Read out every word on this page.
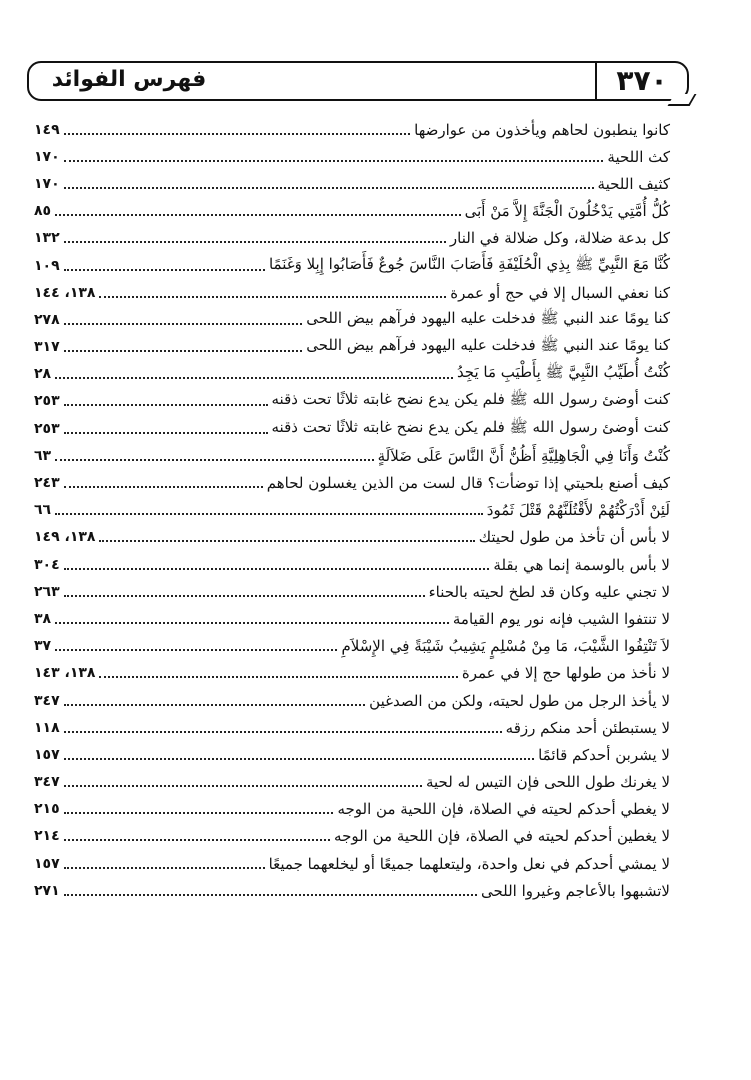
فهرس الفوائد	٣٧٠
كانوا ينطبون لحاهم ويأخذون من عوارضها
١٤٩
كث اللحية
١٧٠
كثيف اللحية
١٧٠
كُلُّ أُمَّتِي يَدْخُلُونَ الْجَنَّةَ إِلاَّ مَنْ أَبَى
٨٥
كل بدعة ضلالة، وكل ضلالة في النار
١٣٢
كُنَّا مَعَ النَّبِيِّ ﷺ بِذِي الْحُلَيْفَةِ فَأَصَابَ النَّاسَ جُوعٌ فَأَصَابُوا إِبِلا وَغَنَمًا
١٠٩
كنا نعفي السبال إلا في حج أو عمرة
١٣٨، ١٤٤
كنا يومًا عند النبي ﷺ فدخلت عليه اليهود فرآهم بيض اللحى
٢٧٨
كنا يومًا عند النبي ﷺ فدخلت عليه اليهود فرآهم بيض اللحى
٣١٧
كُنْتُ أُطَيِّبُ النَّبِيَّ ﷺ بِأَطْيَبِ مَا يَجِدُ
٢٨
كنت أوضئ رسول الله ﷺ فلم يكن يدع نضح غابته ثلاثًا تحت ذقنه
٢٥٣
كنت أوضئ رسول الله ﷺ فلم يكن يدع نضح غابته ثلاثًا تحت ذقنه
٢٥٣
كُنْتُ وَأَنَا فِي الْجَاهِلِيَّةِ أَظُنُّ أَنَّ النَّاسَ عَلَى ضَلاَلَةٍ
٦٣
كيف أصنع بلحيتي إذا توضأت؟ قال لست من الذين يغسلون لحاهم
٢٤٣
لَئِنْ أَدْرَكْتُهُمْ لأَقْتُلَنَّهُمْ قَتْلَ ثَمُودَ
٦٦
لا بأس أن تأخذ من طول لحيتك
١٣٨، ١٤٩
لا بأس بالوسمة إنما هي بقلة
٣٠٤
لا تجني عليه وكان قد لطخ لحيته بالحناء
٢٦٣
لا تنتفوا الشيب فإنه نور يوم القيامة
٣٨
لاَ تَنْتِفُوا الشَّيْبَ، مَا مِنْ مُسْلِمٍ يَشِيبُ شَيْبَةً فِي الإِسْلاَمِ
٣٧
لا نأخذ من طولها حج إلا في عمرة
١٣٨، ١٤٣
لا يأخذ الرجل من طول لحيته، ولكن من الصدغين
٣٤٧
لا يستبطئن أحد منكم رزقه
١١٨
لا يشربن أحدكم قائمًا
١٥٧
لا يغرنك طول اللحى فإن التيس له لحية
٣٤٧
لا يغطي أحدكم لحيته في الصلاة، فإن اللحية من الوجه
٢١٥
لا يغطين أحدكم لحيته في الصلاة، فإن اللحية من الوجه
٢١٤
لا يمشي أحدكم في نعل واحدة، وليتعلهما جميعًا أو ليخلعهما جميعًا
١٥٧
لاتشبهوا بالأعاجم وغيروا اللحى
٢٧١
